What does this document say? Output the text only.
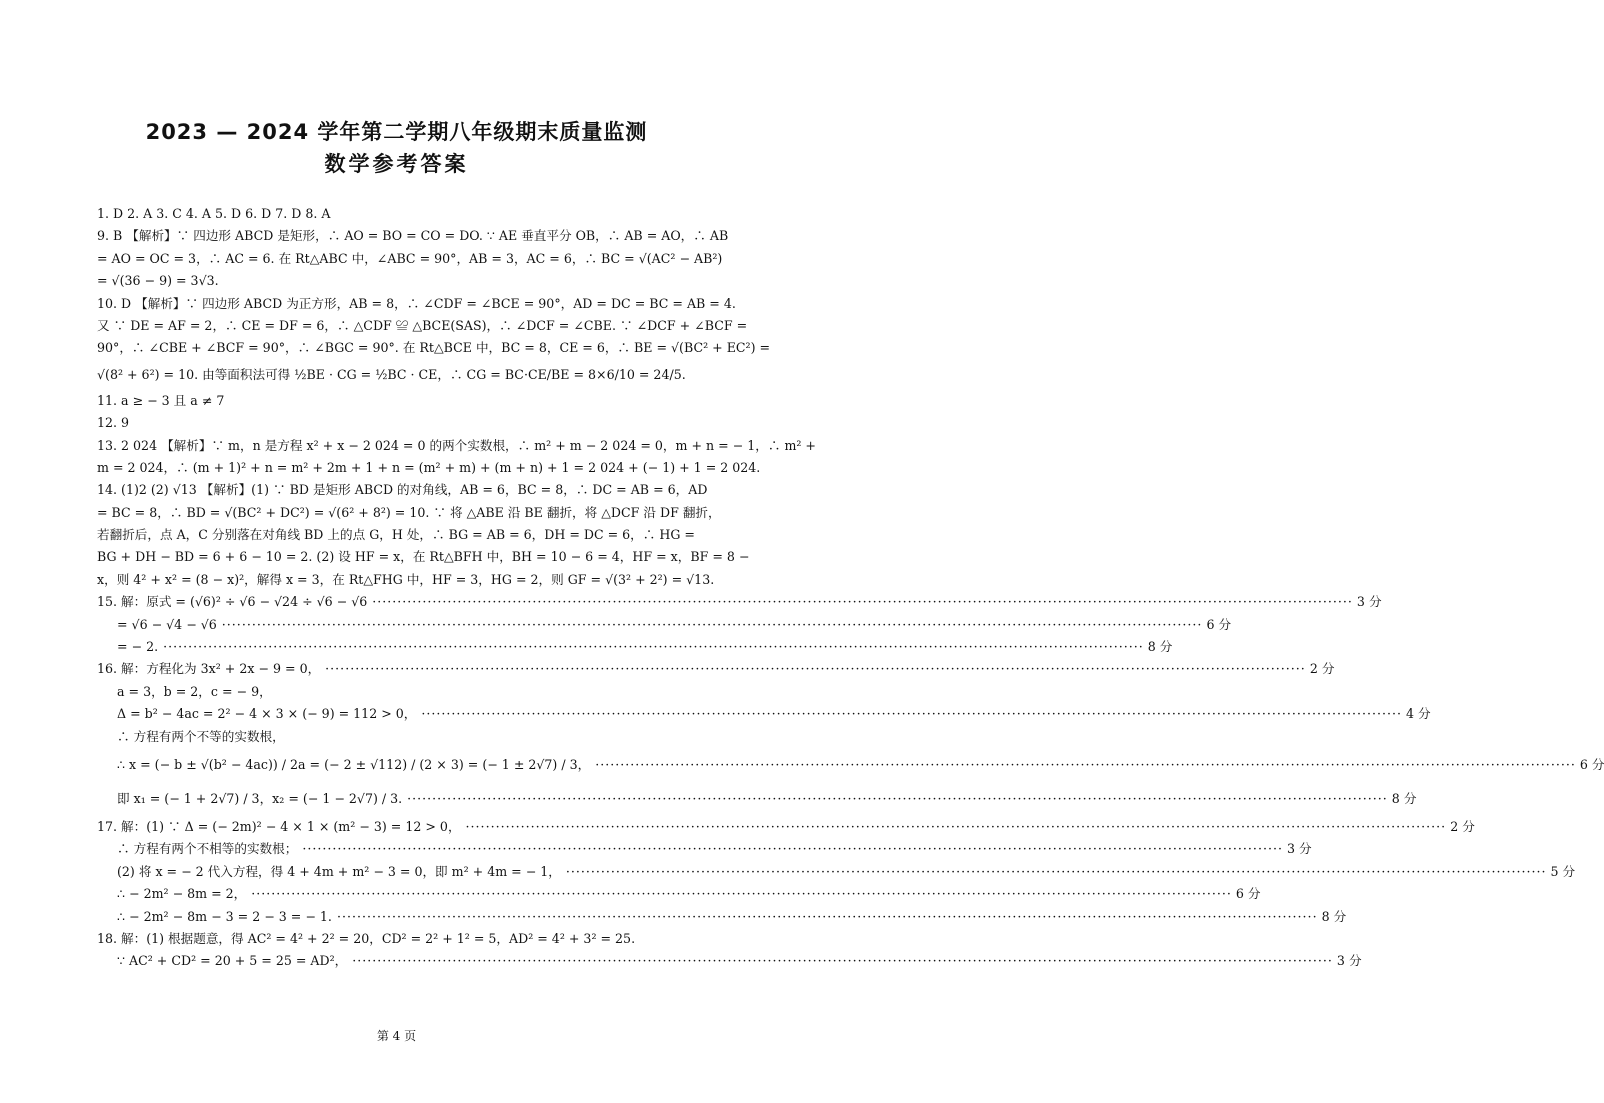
2023 — 2024 学年第二学期八年级期末质量监测
数学参考答案
1. D 2. A 3. C 4. A 5. D 6. D 7. D 8. A
9. B 【解析】∵ 四边形 ABCD 是矩形，∴ AO = BO = CO = DO. ∵ AE 垂直平分 OB，∴ AB = AO，∴ AB
= AO = OC = 3，∴ AC = 6. 在 Rt△ABC 中，∠ABC = 90°，AB = 3，AC = 6，∴ BC = √(AC² − AB²)
= √(36 − 9) = 3√3.
10. D 【解析】∵ 四边形 ABCD 为正方形，AB = 8，∴ ∠CDF = ∠BCE = 90°，AD = DC = BC = AB = 4.
又 ∵ DE = AF = 2，∴ CE = DF = 6，∴ △CDF ≌ △BCE(SAS)，∴ ∠DCF = ∠CBE. ∵ ∠DCF + ∠BCF =
90°，∴ ∠CBE + ∠BCF = 90°，∴ ∠BGC = 90°. 在 Rt△BCE 中，BC = 8，CE = 6，∴ BE = √(BC² + EC²) =
√(8² + 6²) = 10. 由等面积法可得 ½BE · CG = ½BC · CE，∴ CG = BC·CE/BE = 8×6/10 = 24/5.
11. a ≥ − 3 且 a ≠ 7
12. 9
13. 2 024 【解析】∵ m，n 是方程 x² + x − 2 024 = 0 的两个实数根，∴ m² + m − 2 024 = 0，m + n = − 1，∴ m² +
m = 2 024，∴ (m + 1)² + n = m² + 2m + 1 + n = (m² + m) + (m + n) + 1 = 2 024 + (− 1) + 1 = 2 024.
14. (1)2 (2) √13 【解析】(1) ∵ BD 是矩形 ABCD 的对角线，AB = 6，BC = 8，∴ DC = AB = 6，AD
= BC = 8，∴ BD = √(BC² + DC²) = √(6² + 8²) = 10. ∵ 将 △ABE 沿 BE 翻折，将 △DCF 沿 DF 翻折，
若翻折后，点 A，C 分别落在对角线 BD 上的点 G，H 处，∴ BG = AB = 6，DH = DC = 6，∴ HG =
BG + DH − BD = 6 + 6 − 10 = 2. (2) 设 HF = x，在 Rt△BFH 中，BH = 10 − 6 = 4，HF = x，BF = 8 −
x，则 4² + x² = (8 − x)²，解得 x = 3，在 Rt△FHG 中，HF = 3，HG = 2，则 GF = √(3² + 2²) = √13.
15. 解：原式 = (√6)² ÷ √6 − √24 ÷ √6 − √6 ·····	3 分
= √6 − √4 − √6 ·····	6 分
= − 2. ·····	8 分
16. 解：方程化为 3x² + 2x − 9 = 0， ·····	2 分
a = 3，b = 2，c = − 9，
Δ = b² − 4ac = 2² − 4 × 3 × (− 9) = 112 > 0， ·····	4 分
∴ 方程有两个不等的实数根，
∴ x = (− b ± √(b² − 4ac)) / 2a = (− 2 ± √112) / (2 × 3) = (− 1 ± 2√7) / 3， ·····	6 分
即 x₁ = (− 1 + 2√7) / 3，x₂ = (− 1 − 2√7) / 3. ·····	8 分
17. 解：(1) ∵ Δ = (− 2m)² − 4 × 1 × (m² − 3) = 12 > 0， ·····	2 分
∴ 方程有两个不相等的实数根； ·····	3 分
(2) 将 x = − 2 代入方程，得 4 + 4m + m² − 3 = 0，即 m² + 4m = − 1， ·····	5 分
∴ − 2m² − 8m = 2， ·····	6 分
∴ − 2m² − 8m − 3 = 2 − 3 = − 1. ·····	8 分
18. 解：(1) 根据题意，得 AC² = 4² + 2² = 20，CD² = 2² + 1² = 5，AD² = 4² + 3² = 25.
∵ AC² + CD² = 20 + 5 = 25 = AD²， ·····	3 分
第 4 页
